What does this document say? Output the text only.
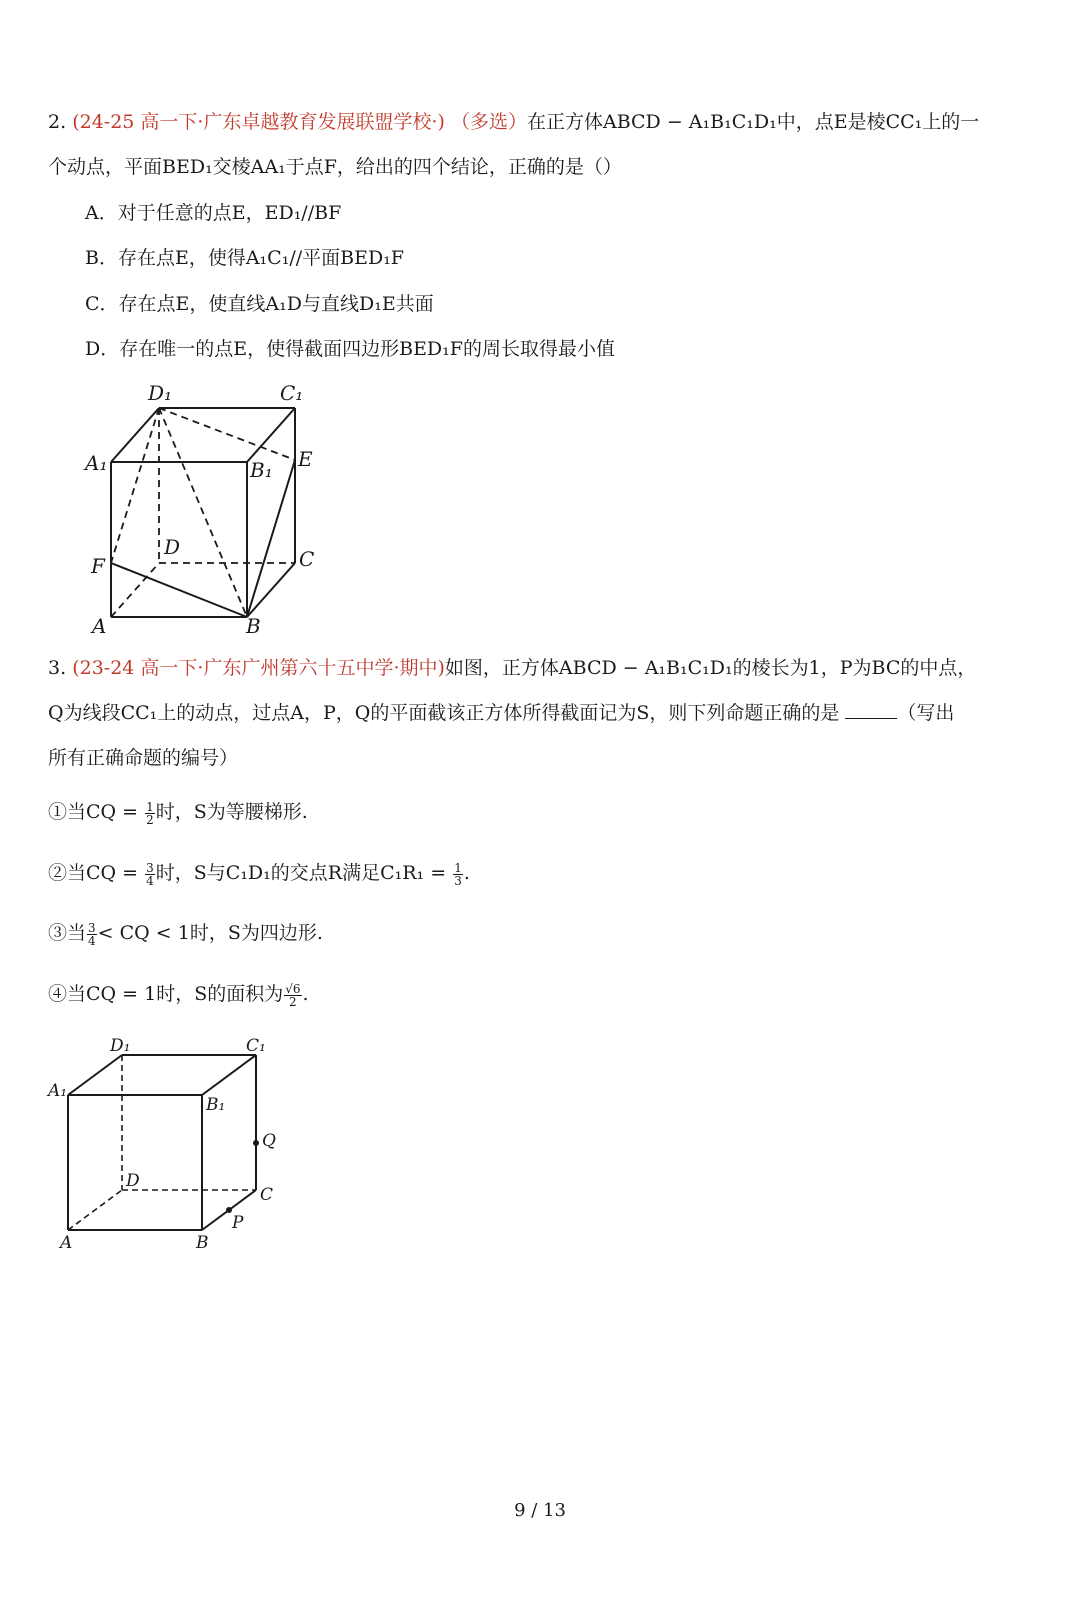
2. (24-25 高一下·广东卓越教育发展联盟学校·) （多选）在正方体ABCD − A₁B₁C₁D₁中，点E是棱CC₁上的一
个动点，平面BED₁交棱AA₁于点F，给出的四个结论，正确的是（）
A．对于任意的点E，ED₁//BF
B．存在点E，使得A₁C₁//平面BED₁F
C．存在点E，使直线A₁D与直线D₁E共面
D．存在唯一的点E，使得截面四边形BED₁F的周长取得最小值
D₁	C₁
A₁	B₁ E
D	C
F
A	B
3. (23-24 高一下·广东广州第六十五中学·期中)如图，正方体ABCD − A₁B₁C₁D₁的棱长为1，P为BC的中点，
Q为线段CC₁上的动点，过点A，P，Q的平面截该正方体所得截面记为S，则下列命题正确的是	（写出
所有正确命题的编号）
①当CQ = $\frac{1}{2}$ 时，S为等腰梯形.
②当CQ = $\frac{3}{4}$ 时，S与C₁D₁的交点R满足$C_1R_1 = \frac{1}{3}$ .
③当 $\frac{3}{4}$ < CQ < 1时，S为四边形.
④当CQ = 1时，S的面积为 $\frac{√6}{2}$ .
D₁	C₁
A₁
B₁
Q
D
C
P
A	B
9 / 13
